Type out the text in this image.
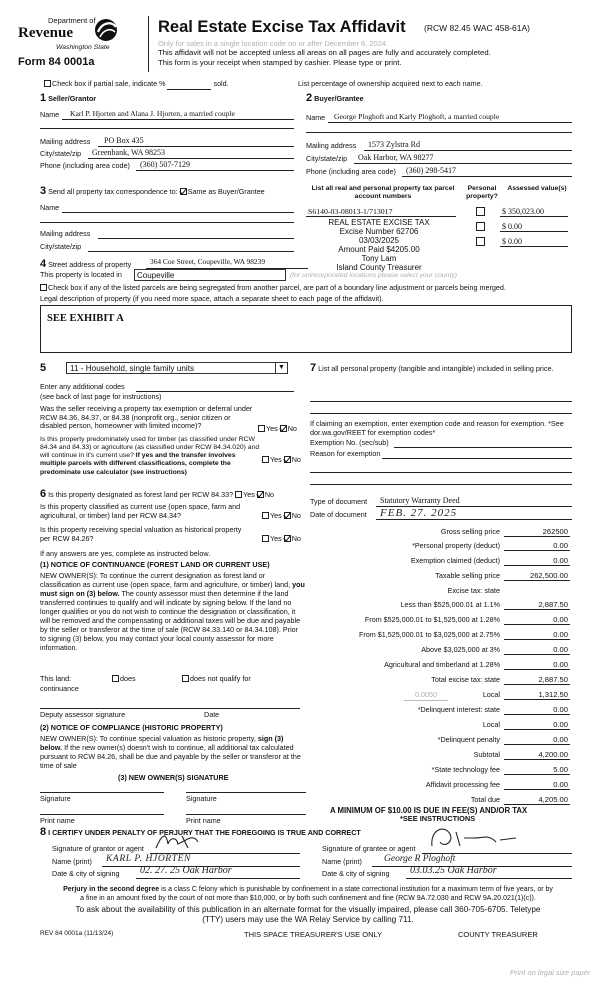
Department of
Revenue
Washington State
Form 84 0001a
Real Estate Excise Tax Affidavit (RCW 82.45 WAC 458-61A)
Only for sales in a single location code on or after December 6, 2024.
This affidavit will not be accepted unless all areas on all pages are fully and accurately completed.
This form is your receipt when stamped by cashier. Please type or print.
Check box if partial sale, indicate %	sold.	List percentage of ownership acquired next to each name.
1 Seller/Grantor
Name Karl P. Hjorten and Alana J. Hjorten, a married couple
Mailing address PO Box 435
City/state/zip Greenbank, WA 98253
Phone (including area code) (360) 507-7129
2 Buyer/Grantee
Name George Ploghoft and Karly Ploghoft, a married couple
Mailing address 1573 Zylstra Rd
City/state/zip Oak Harbor, WA 98277
Phone (including area code) (360) 298-5417
3 Send all property tax correspondence to: Same as Buyer/Grantee
Name
Mailing address
City/state/zip
List all real and personal property tax parcel account numbers
Personal property?
Assessed value(s)
S6140-03-08013-1/713017	$ 350,023.00
$ 0.00
$ 0.00
REAL ESTATE EXCISE TAX
Excise Number 62706
03/03/2025
Amount Paid $4205.00
Tony Lam
Island County Treasurer
4 Street address of property	364 Coe Street, Coupeville, WA 98239
This property is located in	Coupeville	(for unincorporated locations please select your county)
Check box if any of the listed parcels are being segregated from another parcel, are part of a boundary line adjustment or parcels being merged.
Legal description of property (if you need more space, attach a separate sheet to each page of the affidavit).
SEE EXHIBIT A
5	11 - Household, single family units	▼
Enter any additional codes
(see back of last page for instructions)
Was the seller receiving a property tax exemption or deferral under RCW 84.36, 84.37, or 84.38 (nonprofit org., senior citizen or disabled person, homeowner with limited income)?	Yes No
Is this property predominately used for timber (as classified under RCW 84.34 and 84.33) or agriculture (as classified under RCW 84.34.020) and will continue in it's current use? If yes and the transfer involves multiple parcels with different classifications, complete the predominate use calculator (see instructions)
Yes No
6 Is this property designated as forest land per RCW 84.33? Yes No
Is this property classified as current use (open space, farm and agricultural, or timber) land per RCW 84.34?	Yes No
Is this property receiving special valuation as historical property per RCW 84.26?	Yes No
If any answers are yes, complete as instructed below.
(1) NOTICE OF CONTINUANCE (FOREST LAND OR CURRENT USE)
NEW OWNER(S): To continue the current designation as forest land or classification as current use (open space, farm and agriculture, or timber) land, you must sign on (3) below. The county assessor must then determine if the land transferred continues to qualify and will indicate by signing below. If the land no longer qualifies or you do not wish to continue the designation or classification, it will be removed and the compensating or additional taxes will be due and payable by the seller or transferor at the time of sale (RCW 84.33.140 or 84.34.108). Prior to signing (3) below, you may contact your local county assessor for more information.
This land:
continuance
does	does not qualify for
Deputy assessor signature	Date
(2) NOTICE OF COMPLIANCE (HISTORIC PROPERTY)
NEW OWNER(S): To continue special valuation as historic property, sign (3) below. If the new owner(s) doesn't wish to continue, all additional tax calculated pursuant to RCW 84.26, shall be due and payable by the seller or transferor at the time of sale
(3) NEW OWNER(S) SIGNATURE
Signature	Signature
Print name	Print name
7 List all personal property (tangible and intangible) included in selling price.
If claiming an exemption, enter exemption code and reason for exemption. *See dor.wa.gov/REET for exemption codes*
Exemption No. (sec/sub)
Reason for exemption
Type of document Statutory Warranty Deed
Date of document FEB. 27. 2025
Gross selling price	262500
*Personal property (deduct)	0.00
Exemption claimed (deduct)	0.00
Taxable selling price	262,500.00
Excise tax: state
Less than $525,000.01 at 1.1%	2,887.50
From $525,000.01 to $1,525,000 at 1.28%	0.00
From $1,525,000.01 to $3,025,000 at 2.75%	0.00
Above $3,025,000 at 3%	0.00
Agricultural and timberland at 1.28%	0.00
Total excise tax: state	2,887.50
0.0050	Local	1,312.50
*Delinquent interest: state	0.00
Local	0.00
*Delinquent penalty	0.00
Subtotal	4,200.00
*State technology fee	5.00
Affidavit processing fee	0.00
Total due	4,205.00
A MINIMUM OF $10.00 IS DUE IN FEE(S) AND/OR TAX
*SEE INSTRUCTIONS
8 I CERTIFY UNDER PENALTY OF PERJURY THAT THE FOREGOING IS TRUE AND CORRECT
Signature of grantor or agent
Name (print) KARL P. HJORTEN
Date & city of signing 02. 27. 25 Oak Harbor
Signature of grantee or agent
Name (print) George R Ploghoft
Date & city of signing 03.03.25 Oak Harbor
Perjury in the second degree is a class C felony which is punishable by confinement in a state correctional institution for a maximum term of five years, or by
a fine in an amount fixed by the court of not more than $10,000, or by both such confinement and fine (RCW 9A.72.030 and RCW 9A.20.021(1)(c)).
To ask about the availability of this publication in an alternate format for the visually impaired, please call 360-705-6705. Teletype
(TTY) users may use the WA Relay Service by calling 711.
REV 84 0001a (11/13/24)	THIS SPACE TREASURER'S USE ONLY	COUNTY TREASURER
Print on legal size paper
